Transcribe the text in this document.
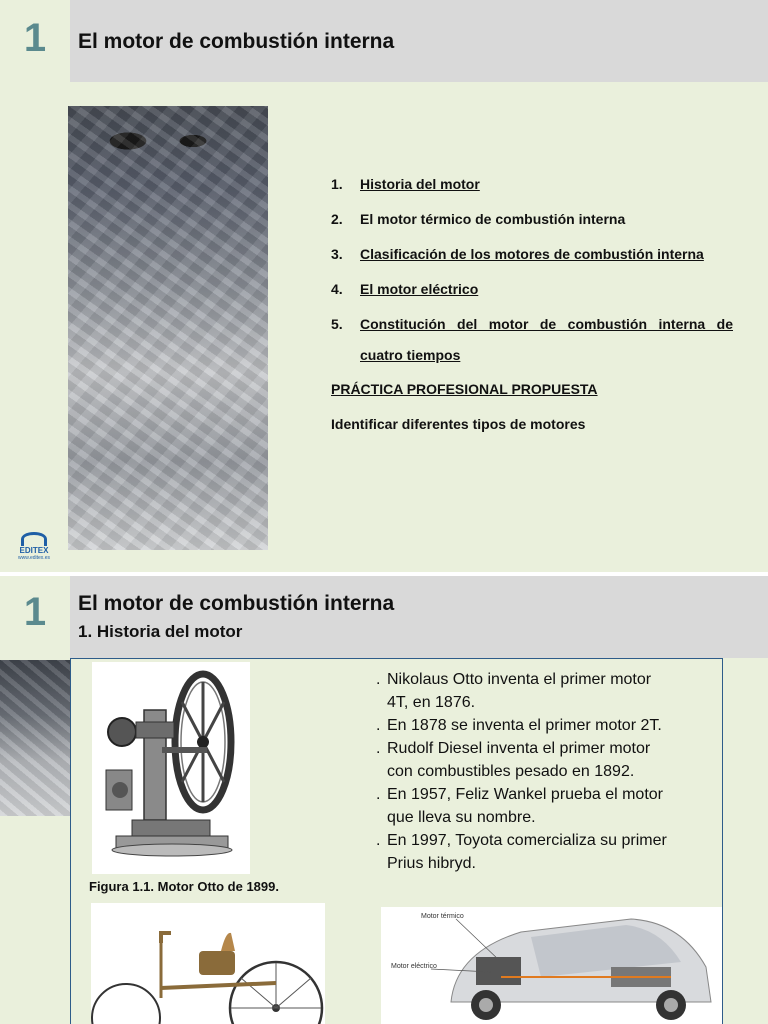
1	El motor de combustión interna
1. Historia del motor
2. El motor térmico de combustión interna
3. Clasificación de los motores de combustión interna
4. El motor eléctrico
5. Constitución del motor de combustión interna de
cuatro tiempos
PRÁCTICA PROFESIONAL PROPUESTA
Identificar diferentes tipos de motores
EDITEX
www.editex.es
1	El motor de combustión interna
1. Historia del motor
Figura 1.1. Motor Otto de 1899.
. Nikolaus Otto inventa el primer motor
4T, en 1876.
. En 1878 se inventa el primer motor 2T.
. Rudolf Diesel inventa el primer motor
con combustibles pesado en 1892.
. En 1957, Feliz Wankel prueba el motor
que lleva su nombre.
. En 1997, Toyota comercializa su primer
Prius hibryd.
Motor térmico
Motor eléctrico
